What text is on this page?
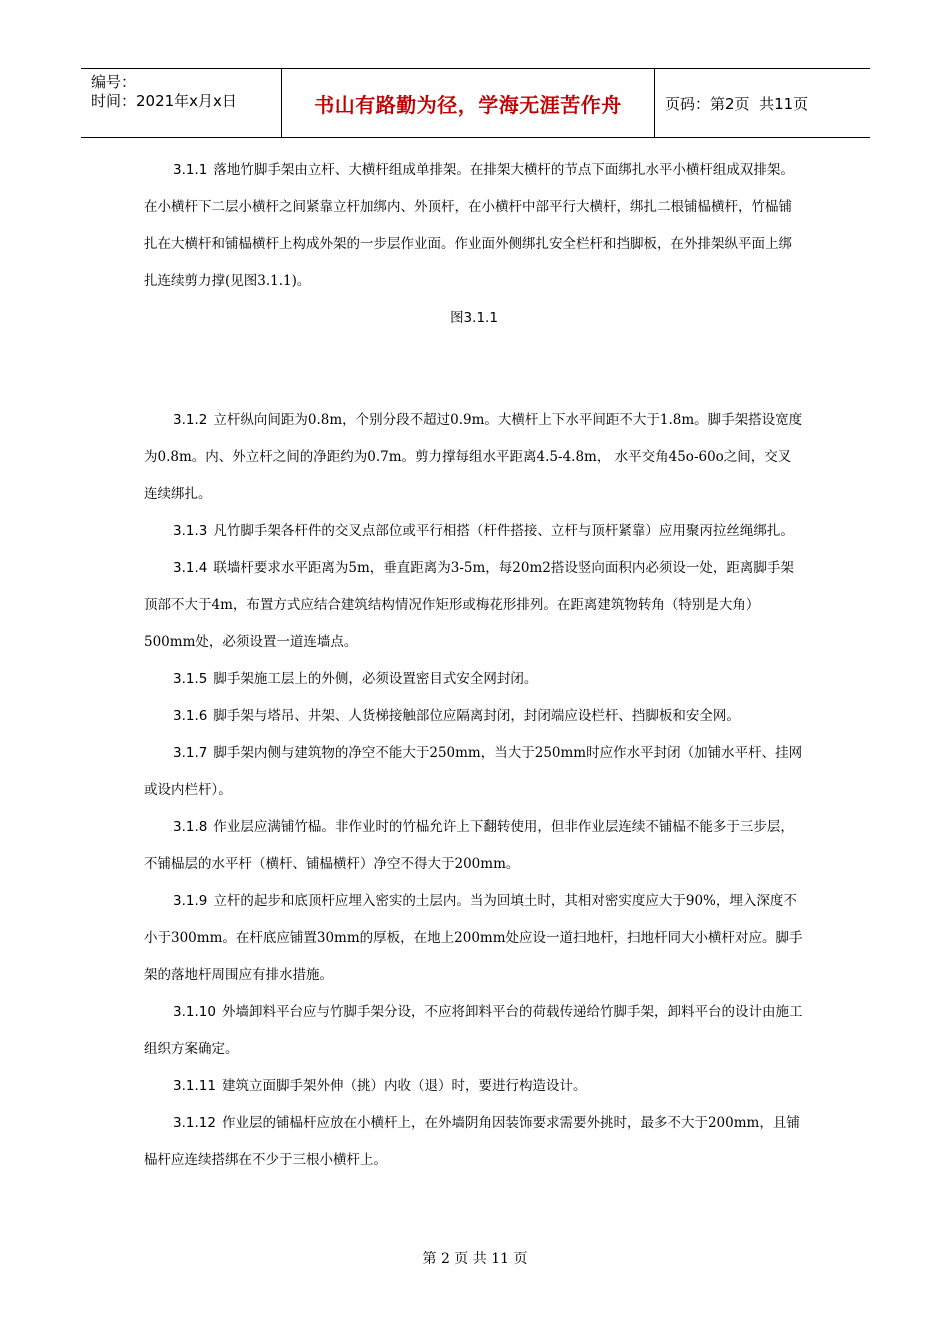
编号：
时间：2021年x月x日	书山有路勤为径，学海无涯苦作舟	页码：第2页  共11页

3.1.1 落地竹脚手架由立杆、大横杆组成单排架。在排架大横杆的节点下面绑扎水平小横杆组成双排架。在小横杆下二层小横杆之间紧靠立杆加绑内、外顶杆，在小横杆中部平行大横杆，绑扎二根铺榀横杆，竹榀铺扎在大横杆和铺榀横杆上构成外架的一步层作业面。作业面外侧绑扎安全栏杆和挡脚板，在外排架纵平面上绑扎连续剪力撑(见图3.1.1)。

图3.1.1

3.1.2 立杆纵向间距为0.8m，个别分段不超过0.9m。大横杆上下水平间距不大于1.8m。脚手架搭设宽度为0.8m。内、外立杆之间的净距约为0.7m。剪力撑每组水平距离4.5-4.8m， 水平交角45o-60o之间，交叉连续绑扎。

3.1.3 凡竹脚手架各杆件的交叉点部位或平行相搭（杆件搭接、立杆与顶杆紧靠）应用聚丙拉丝绳绑扎。

3.1.4 联墙杆要求水平距离为5m，垂直距离为3-5m，每20m2搭设竖向面积内必须设一处，距离脚手架顶部不大于4m，布置方式应结合建筑结构情况作矩形或梅花形排列。在距离建筑物转角（特别是大角）500mm处，必须设置一道连墙点。

3.1.5 脚手架施工层上的外侧，必须设置密目式安全网封闭。

3.1.6 脚手架与塔吊、井架、人货梯接触部位应隔离封闭，封闭端应设栏杆、挡脚板和安全网。

3.1.7 脚手架内侧与建筑物的净空不能大于250mm，当大于250mm时应作水平封闭（加铺水平杆、挂网或设内栏杆）。

3.1.8 作业层应满铺竹榀。非作业时的竹榀允许上下翻转使用，但非作业层连续不铺榀不能多于三步层，不铺榀层的水平杆（横杆、铺榀横杆）净空不得大于200mm。

3.1.9 立杆的起步和底顶杆应埋入密实的土层内。当为回填土时，其相对密实度应大于90%，埋入深度不小于300mm。在杆底应铺置30mm的厚板，在地上200mm处应设一道扫地杆，扫地杆同大小横杆对应。脚手架的落地杆周围应有排水措施。

3.1.10 外墙卸料平台应与竹脚手架分设，不应将卸料平台的荷载传递给竹脚手架，卸料平台的设计由施工组织方案确定。

3.1.11 建筑立面脚手架外伸（挑）内收（退）时，要进行构造设计。

3.1.12 作业层的铺榀杆应放在小横杆上，在外墙阴角因装饰要求需要外挑时，最多不大于200mm，且铺榀杆应连续搭绑在不少于三根小横杆上。

第 2 页 共 11 页
